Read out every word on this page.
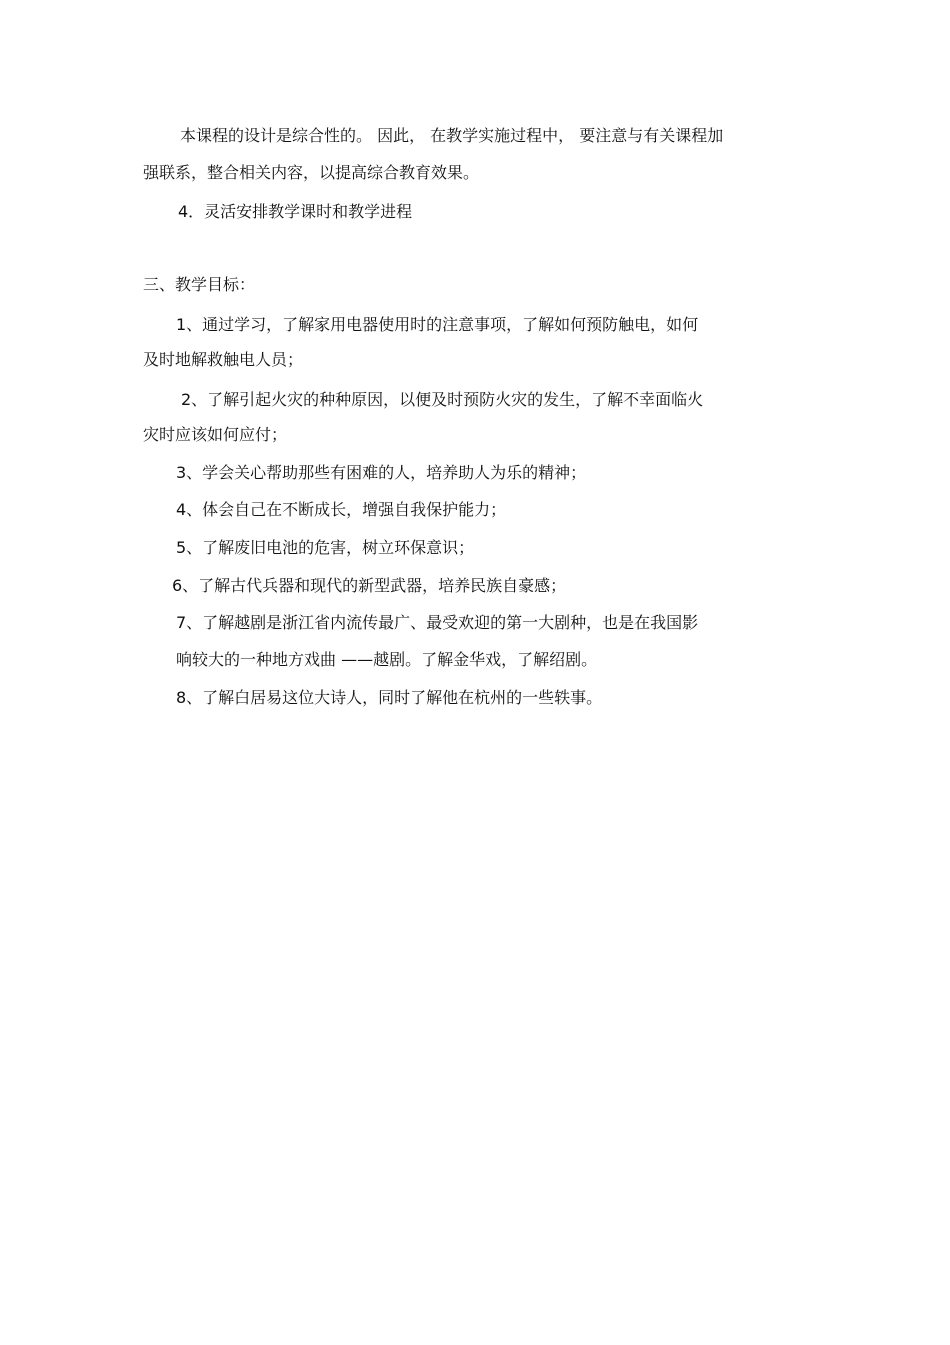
本课程的设计是综合性的。 因此， 在教学实施过程中， 要注意与有关课程加
强联系，整合相关内容，以提高综合教育效果。
4．灵活安排教学课时和教学进程
三、教学目标：
1、通过学习，了解家用电器使用时的注意事项，了解如何预防触电，如何
及时地解救触电人员；
2、了解引起火灾的种种原因，以便及时预防火灾的发生，了解不幸面临火
灾时应该如何应付；
3、学会关心帮助那些有困难的人，培养助人为乐的精神；
4、体会自己在不断成长，增强自我保护能力；
5、了解废旧电池的危害，树立环保意识；
6、了解古代兵器和现代的新型武器，培养民族自豪感；
7、了解越剧是浙江省内流传最广、最受欢迎的第一大剧种，也是在我国影
响较大的一种地方戏曲 ——越剧。了解金华戏，了解绍剧。
8、了解白居易这位大诗人，同时了解他在杭州的一些轶事。
